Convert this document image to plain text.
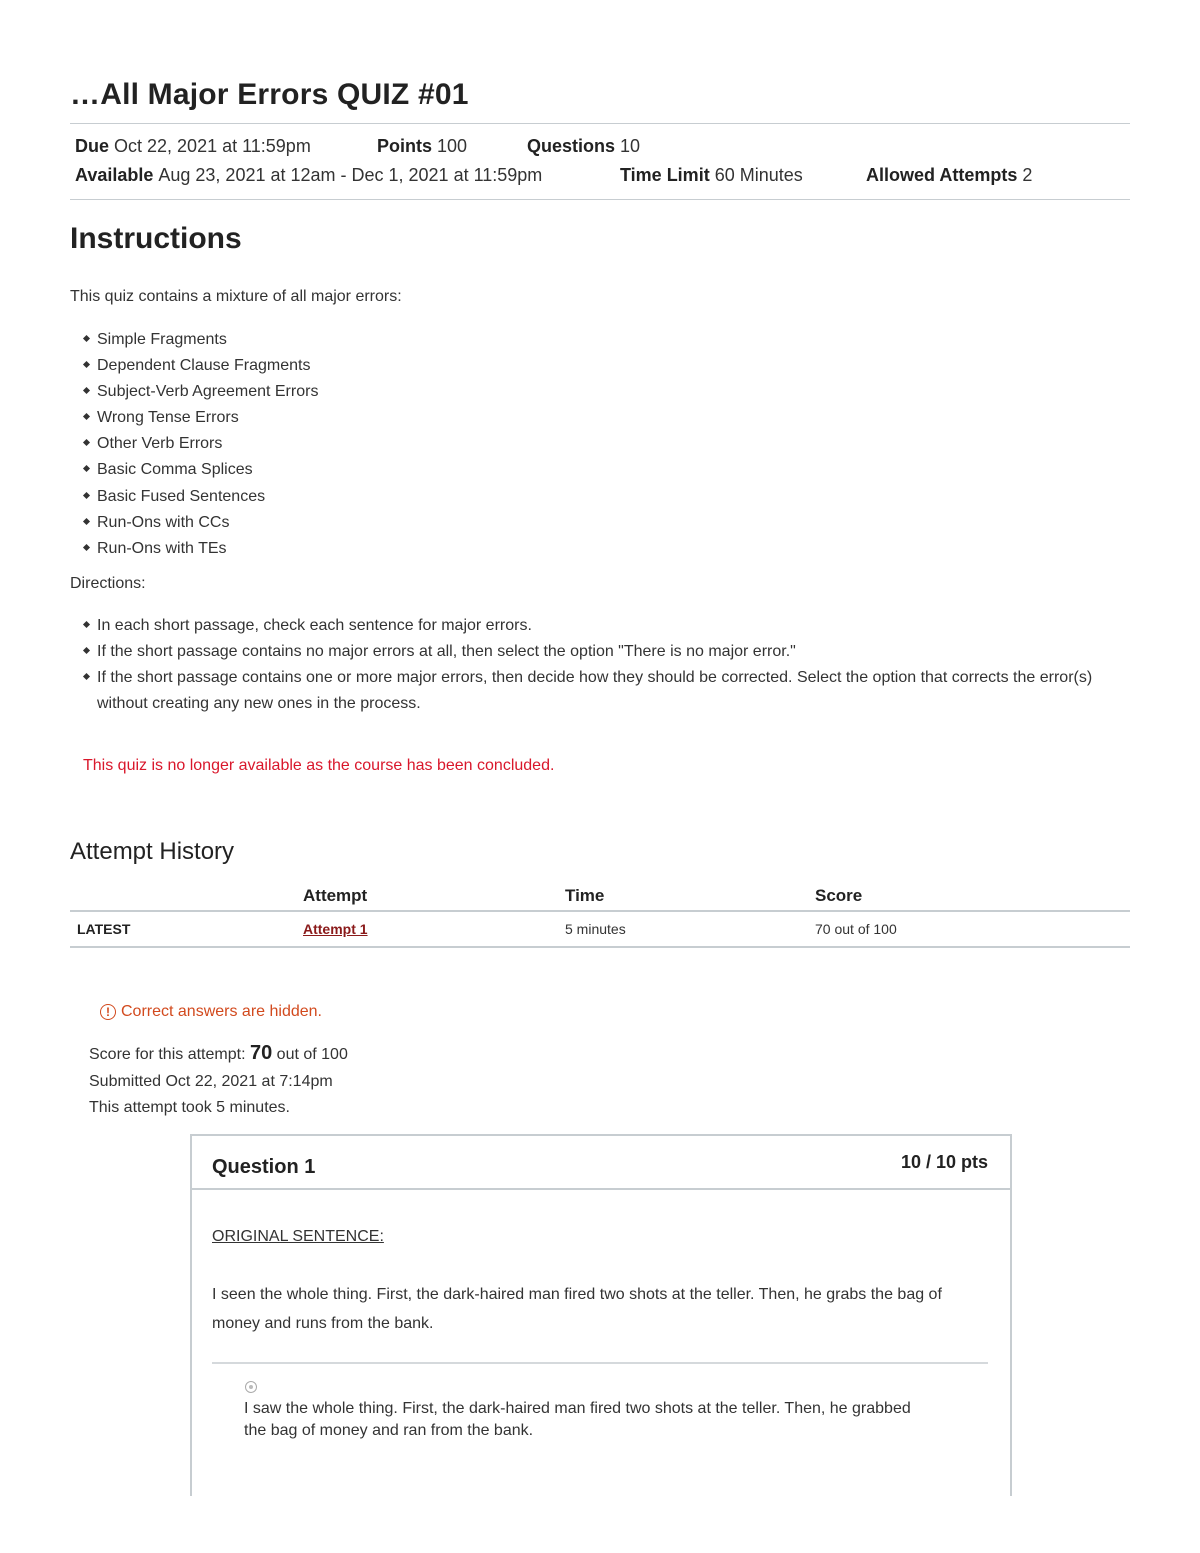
…All Major Errors QUIZ #01
Due Oct 22, 2021 at 11:59pm	Points 100	Questions 10
Available Aug 23, 2021 at 12am - Dec 1, 2021 at 11:59pm	Time Limit 60 Minutes	Allowed Attempts 2
Instructions

This quiz contains a mixture of all major errors:

Simple Fragments
Dependent Clause Fragments
Subject-Verb Agreement Errors
Wrong Tense Errors
Other Verb Errors
Basic Comma Splices
Basic Fused Sentences
Run-Ons with CCs
Run-Ons with TEs

Directions:

In each short passage, check each sentence for major errors.
If the short passage contains no major errors at all, then select the option "There is no major error."
If the short passage contains one or more major errors, then decide how they should be corrected. Select the option that corrects the error(s) without creating any new ones in the process.
This quiz is no longer available as the course has been concluded.
Attempt History
	Attempt	Time	Score
LATEST	Attempt 1	5 minutes	70 out of 100
! Correct answers are hidden.
Score for this attempt: 70 out of 100
Submitted Oct 22, 2021 at 7:14pm
This attempt took 5 minutes.
Question 1	10 / 10 pts
ORIGINAL SENTENCE:
I seen the whole thing. First, the dark-haired man fired two shots at the teller. Then, he grabs the bag of money and runs from the bank.
I saw the whole thing. First, the dark-haired man fired two shots at the teller. Then, he grabbed the bag of money and ran from the bank.
